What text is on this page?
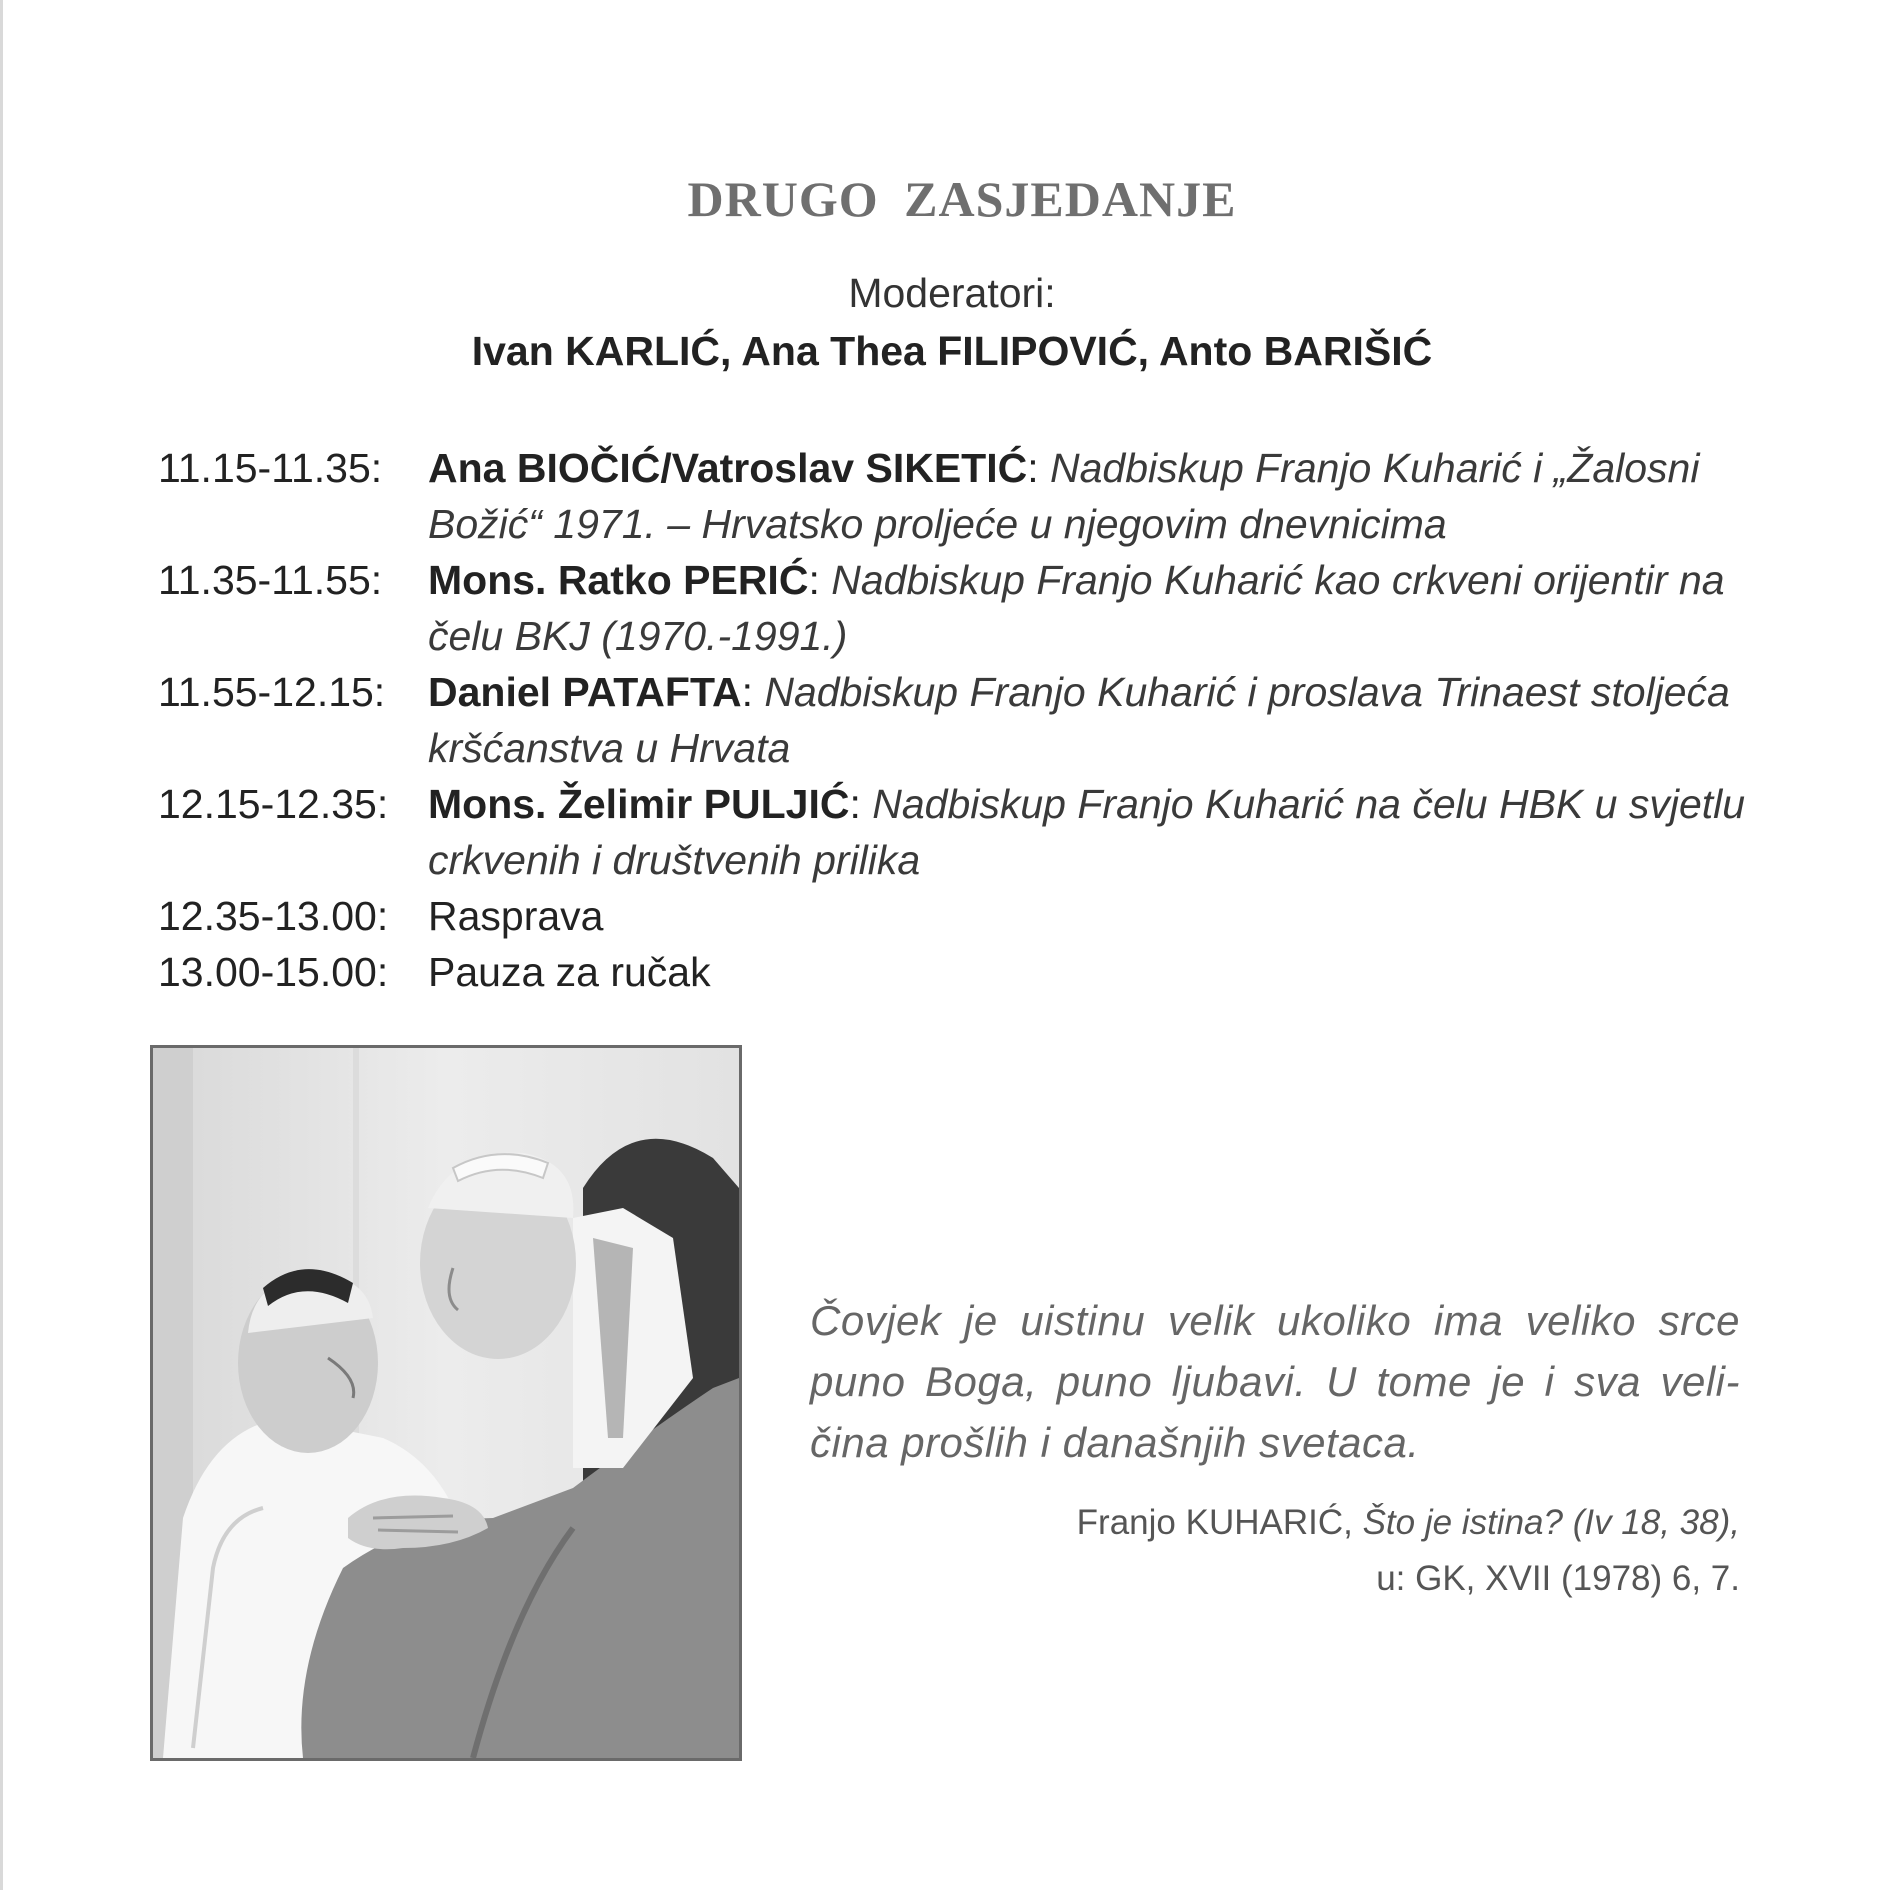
DRUGO ZASJEDANJE
Moderatori:
Ivan KARLIĆ, Ana Thea FILIPOVIĆ, Anto BARIŠIĆ
11.15-11.35:	Ana BIOČIĆ/Vatroslav SIKETIĆ: Nadbiskup Franjo Kuharić i „Žalosni Božić“ 1971. – Hrvatsko proljeće u njegovim dnevnicima
11.35-11.55:	Mons. Ratko PERIĆ: Nadbiskup Franjo Kuharić kao crkveni orijentir na čelu BKJ (1970.-1991.)
11.55-12.15:	Daniel PATAFTA: Nadbiskup Franjo Kuharić i proslava Trinaest stoljeća kršćanstva u Hrvata
12.15-12.35: Mons. Želimir PULJIĆ: Nadbiskup Franjo Kuharić na čelu HBK u svjetlu crkvenih i društvenih prilika
12.35-13.00: Rasprava
13.00-15.00: Pauza za ručak
Čovjek je uistinu velik ukoliko ima veliko srce puno Boga, puno ljubavi. U tome je i sva veli- čina prošlih i današnjih svetaca.
Franjo KUHARIĆ, Što je istina? (Iv 18, 38),
u: GK, XVII (1978) 6, 7.
